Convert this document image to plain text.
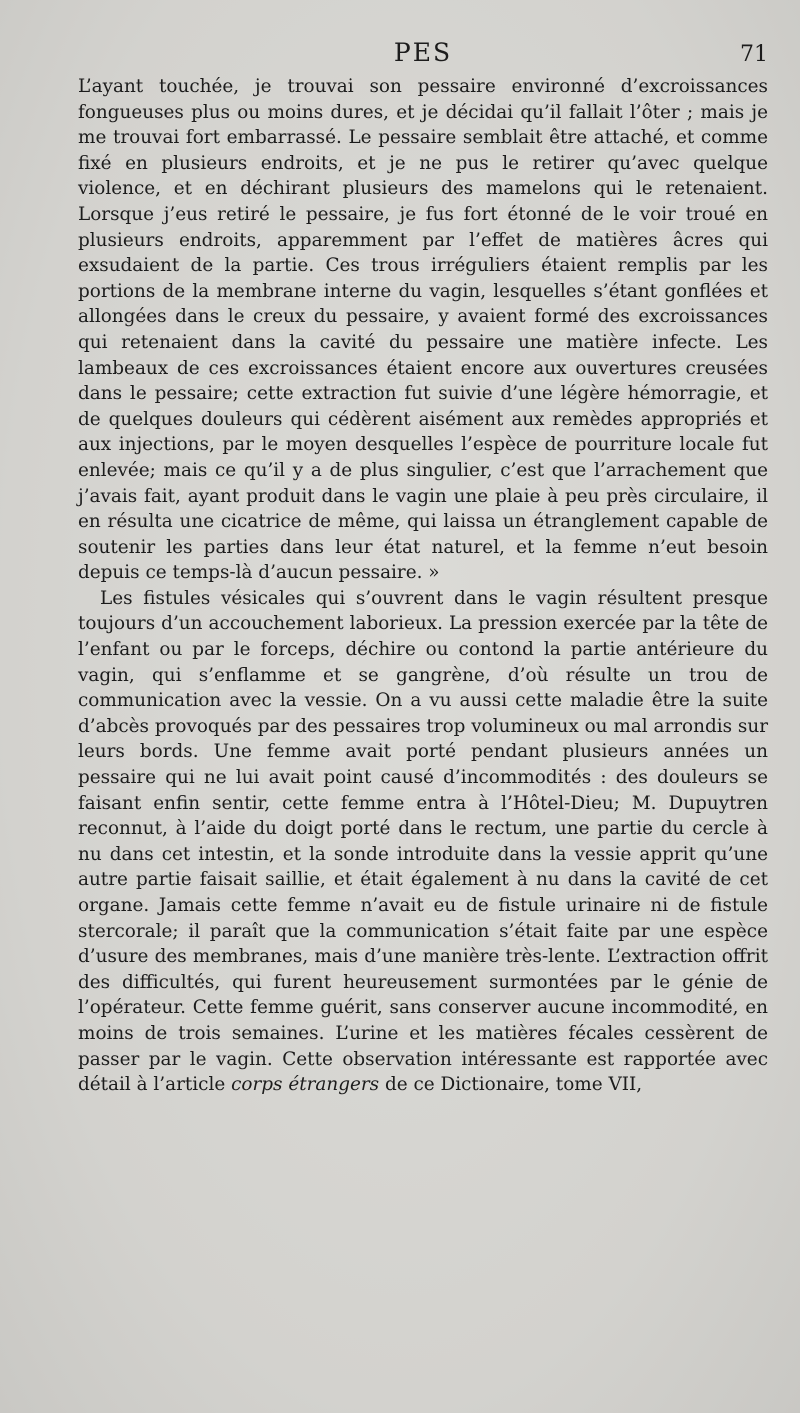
PES	71

L’ayant touchée, je trouvai son pessaire environné d’excroissances fongueuses plus ou moins dures, et je décidai qu’il fallait l’ôter ; mais je me trouvai fort embarrassé. Le pessaire semblait être attaché, et comme fixé en plusieurs endroits, et je ne pus le retirer qu’avec quelque violence, et en déchirant plusieurs des mamelons qui le retenaient. Lorsque j’eus retiré le pessaire, je fus fort étonné de le voir troué en plusieurs endroits, apparemment par l’effet de matières âcres qui exsudaient de la partie. Ces trous irréguliers étaient remplis par les portions de la membrane interne du vagin, lesquelles s’étant gonflées et allongées dans le creux du pessaire, y avaient formé des excroissances qui retenaient dans la cavité du pessaire une matière infecte. Les lambeaux de ces excroissances étaient encore aux ouvertures creusées dans le pessaire; cette extraction fut suivie d’une légère hémorragie, et de quelques douleurs qui cédèrent aisément aux remèdes appropriés et aux injections, par le moyen desquelles l’espèce de pourriture locale fut enlevée; mais ce qu’il y a de plus singulier, c’est que l’arrachement que j’avais fait, ayant produit dans le vagin une plaie à peu près circulaire, il en résulta une cicatrice de même, qui laissa un étranglement capable de soutenir les parties dans leur état naturel, et la femme n’eut besoin depuis ce temps-là d’aucun pessaire. »

Les fistules vésicales qui s’ouvrent dans le vagin résultent presque toujours d’un accouchement laborieux. La pression exercée par la tête de l’enfant ou par le forceps, déchire ou contond la partie antérieure du vagin, qui s’enflamme et se gangrène, d’où résulte un trou de communication avec la vessie. On a vu aussi cette maladie être la suite d’abcès provoqués par des pessaires trop volumineux ou mal arrondis sur leurs bords. Une femme avait porté pendant plusieurs années un pessaire qui ne lui avait point causé d’incommodités : des douleurs se faisant enfin sentir, cette femme entra à l’Hôtel-Dieu; M. Dupuytren reconnut, à l’aide du doigt porté dans le rectum, une partie du cercle à nu dans cet intestin, et la sonde introduite dans la vessie apprit qu’une autre partie faisait saillie, et était également à nu dans la cavité de cet organe. Jamais cette femme n’avait eu de fistule urinaire ni de fistule stercorale; il paraît que la communication s’était faite par une espèce d’usure des membranes, mais d’une manière très-lente. L’extraction offrit des difficultés, qui furent heureusement surmontées par le génie de l’opérateur. Cette femme guérit, sans conserver aucune incommodité, en moins de trois semaines. L’urine et les matières fécales cessèrent de passer par le vagin. Cette observation intéressante est rapportée avec détail à l’article corps étrangers de ce Dictionaire, tome VII,
